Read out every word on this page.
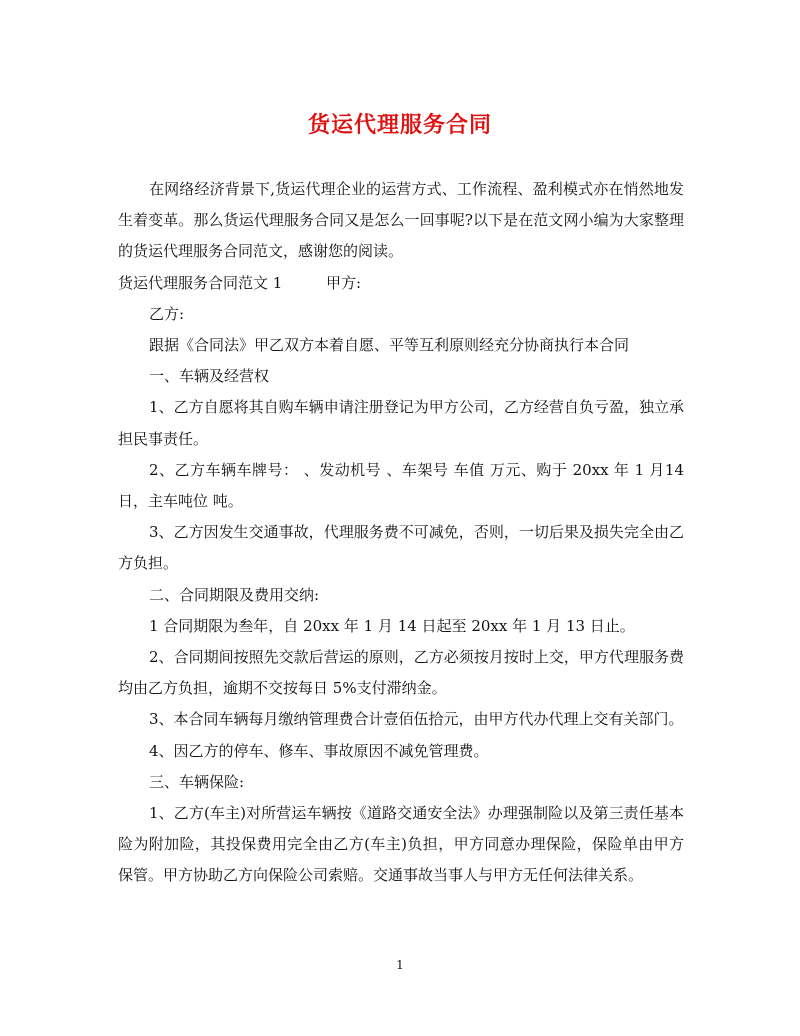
货运代理服务合同

在网络经济背景下,货运代理企业的运营方式、工作流程、盈利模式亦在悄然地发生着变革。那么货运代理服务合同又是怎么一回事呢?以下是在范文网小编为大家整理的货运代理服务合同范文，感谢您的阅读。

货运代理服务合同范文 1	甲方:

乙方:

跟据《合同法》甲乙双方本着自愿、平等互利原则经充分协商执行本合同

一、车辆及经营权

1、乙方自愿将其自购车辆申请注册登记为甲方公司，乙方经营自负亏盈，独立承担民事责任。

2、乙方车辆车牌号： 、发动机号 、车架号 车值 万元、购于 20xx 年 1 月14 日，主车吨位 吨。

3、乙方因发生交通事故，代理服务费不可减免，否则，一切后果及损失完全由乙方负担。

二、合同期限及费用交纳:

1 合同期限为叁年，自 20xx 年 1 月 14 日起至 20xx 年 1 月 13 日止。

2、合同期间按照先交款后营运的原则，乙方必须按月按时上交，甲方代理服务费均由乙方负担，逾期不交按每日 5%支付滞纳金。

3、本合同车辆每月缴纳管理费合计壹佰伍拾元，由甲方代办代理上交有关部门。

4、因乙方的停车、修车、事故原因不减免管理费。

三、车辆保险:

1、乙方(车主)对所营运车辆按《道路交通安全法》办理强制险以及第三责任基本险为附加险，其投保费用完全由乙方(车主)负担，甲方同意办理保险，保险单由甲方保管。甲方协助乙方向保险公司索赔。交通事故当事人与甲方无任何法律关系。

1
